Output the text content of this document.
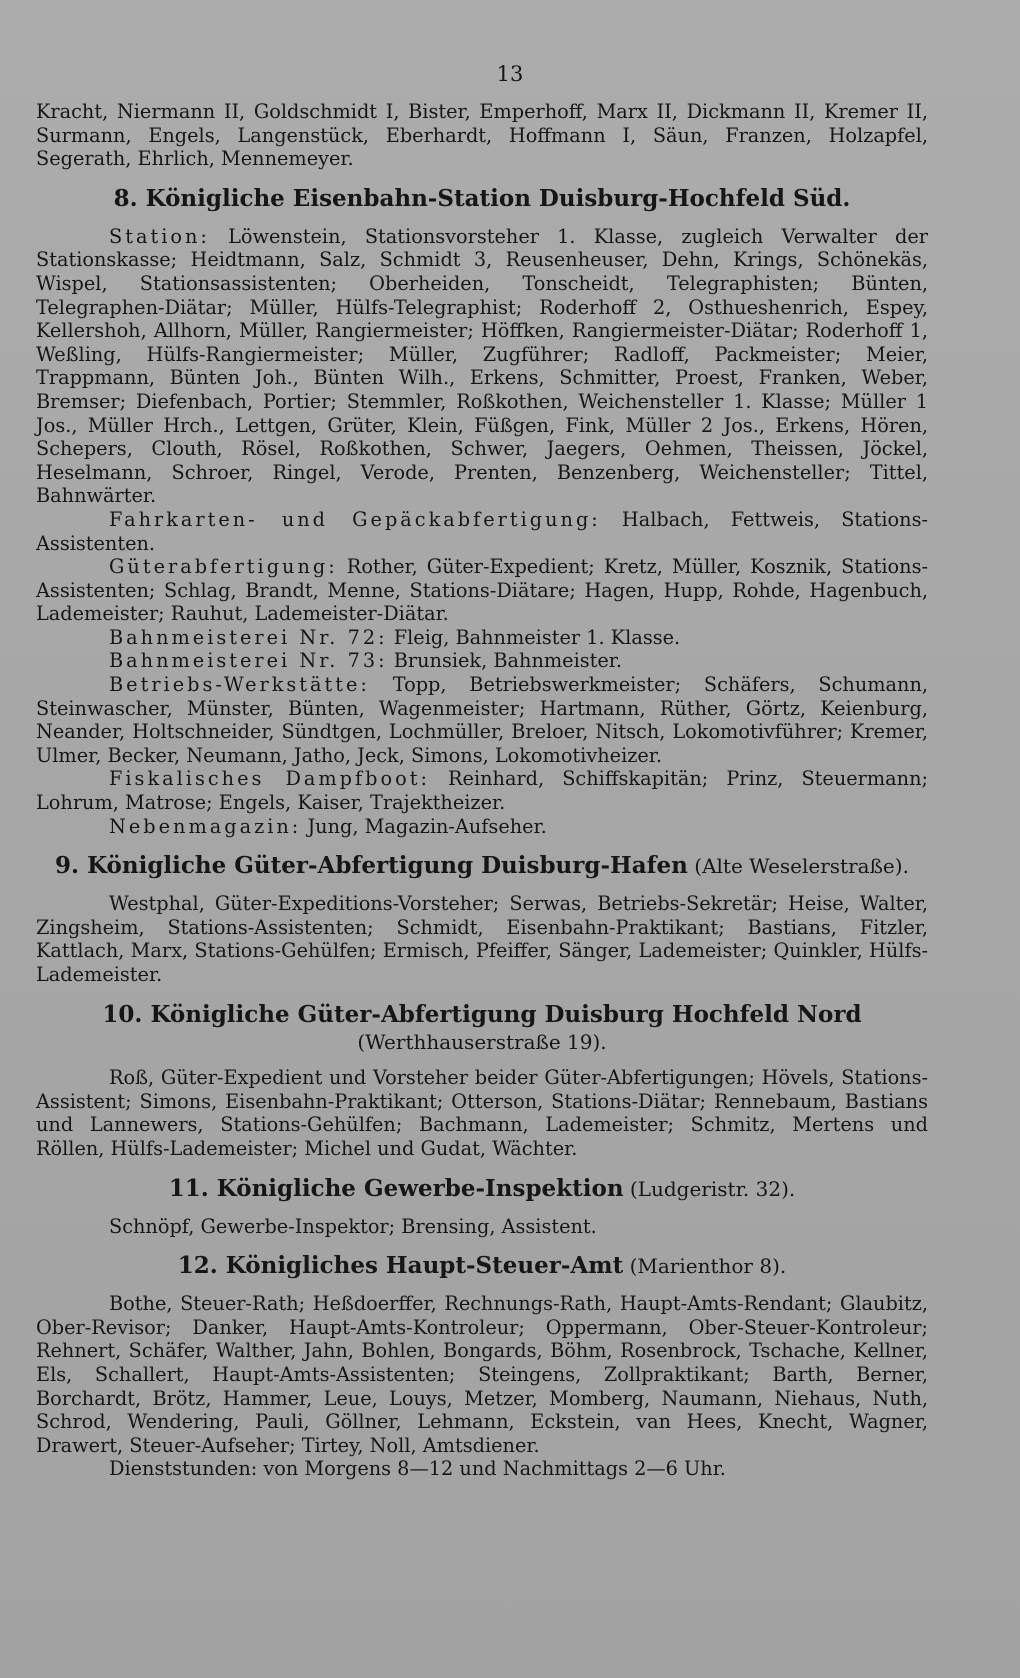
13

Kracht, Niermann II, Goldschmidt I, Bister, Emperhoff, Marx II, Dickmann II, Kremer II, Surmann, Engels, Langenstück, Eberhardt, Hoffmann I, Säun, Franzen, Holzapfel, Segerath, Ehrlich, Mennemeyer.

8. Königliche Eisenbahn-Station Duisburg-Hochfeld Süd.

Station: Löwenstein, Stationsvorsteher 1. Klasse, zugleich Verwalter der Stationskasse; Heidtmann, Salz, Schmidt 3, Reusenheuser, Dehn, Krings, Schönekäs, Wispel, Stationsassistenten; Oberheiden, Tonscheidt, Telegraphisten; Bünten, Telegraphen-Diätar; Müller, Hülfs-Telegraphist; Roderhoff 2, Osthueshenrich, Espey, Kellershoh, Allhorn, Müller, Rangiermeister; Höffken, Rangiermeister-Diätar; Roderhoff 1, Weßling, Hülfs-Rangiermeister; Müller, Zugführer; Radloff, Packmeister; Meier, Trappmann, Bünten Joh., Bünten Wilh., Erkens, Schmitter, Proest, Franken, Weber, Bremser; Diefenbach, Portier; Stemmler, Roßkothen, Weichensteller 1. Klasse; Müller 1 Jos., Müller Hrch., Lettgen, Grüter, Klein, Füßgen, Fink, Müller 2 Jos., Erkens, Hören, Schepers, Clouth, Rösel, Roßkothen, Schwer, Jaegers, Oehmen, Theissen, Jöckel, Heselmann, Schroer, Ringel, Verode, Prenten, Benzenberg, Weichensteller; Tittel, Bahnwärter.

Fahrkarten- und Gepäckabfertigung: Halbach, Fettweis, Stations-Assistenten.

Güterabfertigung: Rother, Güter-Expedient; Kretz, Müller, Kosznik, Stations-Assistenten; Schlag, Brandt, Menne, Stations-Diätare; Hagen, Hupp, Rohde, Hagenbuch, Lademeister; Rauhut, Lademeister-Diätar.

Bahnmeisterei Nr. 72: Fleig, Bahnmeister 1. Klasse.

Bahnmeisterei Nr. 73: Brunsiek, Bahnmeister.

Betriebs-Werkstätte: Topp, Betriebswerkmeister; Schäfers, Schumann, Steinwascher, Münster, Bünten, Wagenmeister; Hartmann, Rüther, Görtz, Keienburg, Neander, Holtschneider, Sündtgen, Lochmüller, Breloer, Nitsch, Lokomotivführer; Kremer, Ulmer, Becker, Neumann, Jatho, Jeck, Simons, Lokomotivheizer.

Fiskalisches Dampfboot: Reinhard, Schiffskapitän; Prinz, Steuermann; Lohrum, Matrose; Engels, Kaiser, Trajektheizer.

Nebenmagazin: Jung, Magazin-Aufseher.

9. Königliche Güter-Abfertigung Duisburg-Hafen (Alte Weselerstraße).

Westphal, Güter-Expeditions-Vorsteher; Serwas, Betriebs-Sekretär; Heise, Walter, Zingsheim, Stations-Assistenten; Schmidt, Eisenbahn-Praktikant; Bastians, Fitzler, Kattlach, Marx, Stations-Gehülfen; Ermisch, Pfeiffer, Sänger, Lademeister; Quinkler, Hülfs-Lademeister.

10. Königliche Güter-Abfertigung Duisburg Hochfeld Nord
(Werthhauserstraße 19).

Roß, Güter-Expedient und Vorsteher beider Güter-Abfertigungen; Hövels, Stations-Assistent; Simons, Eisenbahn-Praktikant; Otterson, Stations-Diätar; Rennebaum, Bastians und Lannewers, Stations-Gehülfen; Bachmann, Lademeister; Schmitz, Mertens und Röllen, Hülfs-Lademeister; Michel und Gudat, Wächter.

11. Königliche Gewerbe-Inspektion (Ludgeristr. 32).

Schnöpf, Gewerbe-Inspektor; Brensing, Assistent.

12. Königliches Haupt-Steuer-Amt (Marienthor 8).

Bothe, Steuer-Rath; Heßdoerffer, Rechnungs-Rath, Haupt-Amts-Rendant; Glaubitz, Ober-Revisor; Danker, Haupt-Amts-Kontroleur; Oppermann, Ober-Steuer-Kontroleur; Rehnert, Schäfer, Walther, Jahn, Bohlen, Bongards, Böhm, Rosenbrock, Tschache, Kellner, Els, Schallert, Haupt-Amts-Assistenten; Steingens, Zollpraktikant; Barth, Berner, Borchardt, Brötz, Hammer, Leue, Louys, Metzer, Momberg, Naumann, Niehaus, Nuth, Schrod, Wendering, Pauli, Göllner, Lehmann, Eckstein, van Hees, Knecht, Wagner, Drawert, Steuer-Aufseher; Tirtey, Noll, Amtsdiener.

Dienststunden: von Morgens 8—12 und Nachmittags 2—6 Uhr.
